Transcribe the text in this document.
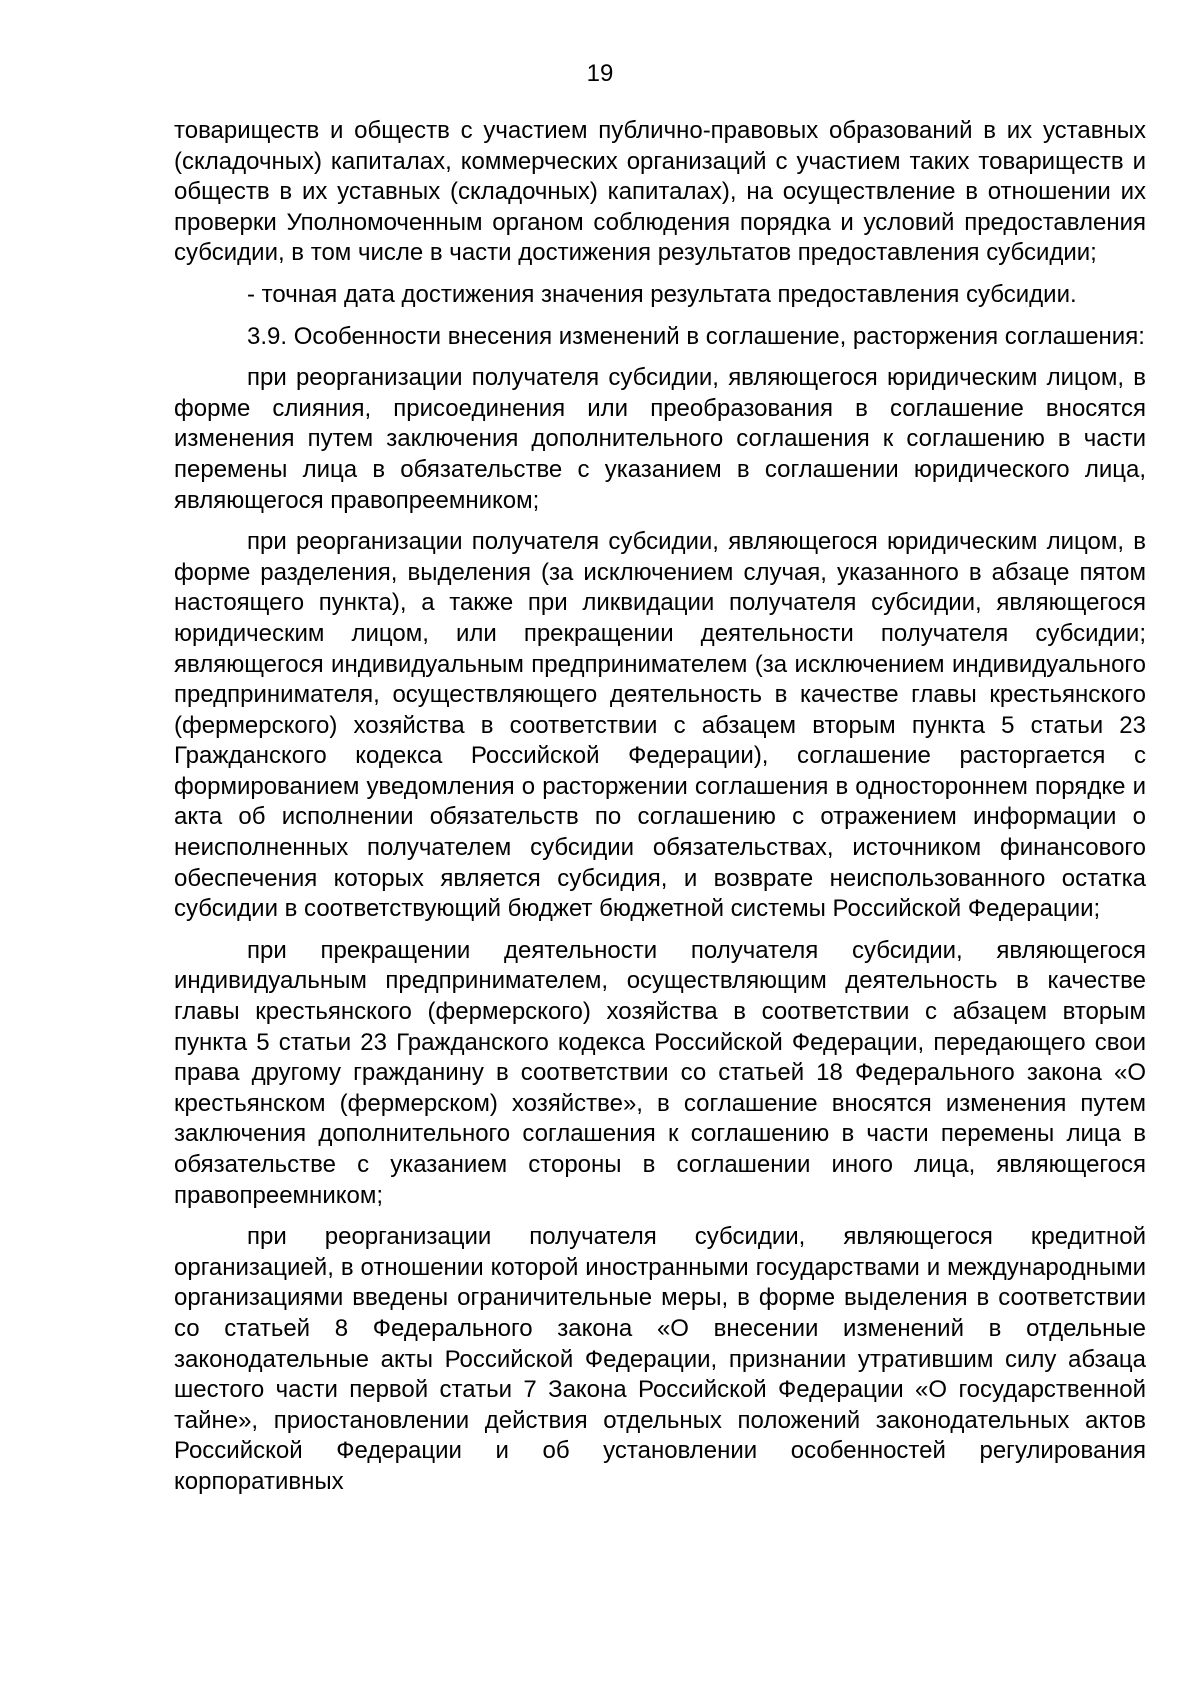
19

товариществ и обществ с участием публично-правовых образований в их уставных (складочных) капиталах, коммерческих организаций с участием таких товариществ и обществ в их уставных (складочных) капиталах), на осуществление в отношении их проверки Уполномоченным органом соблюдения порядка и условий предоставления субсидии, в том числе в части достижения результатов предоставления субсидии;

- точная дата достижения значения результата предоставления субсидии.

3.9. Особенности внесения изменений в соглашение, расторжения соглашения:

при реорганизации получателя субсидии, являющегося юридическим лицом, в форме слияния, присоединения или преобразования в соглашение вносятся изменения путем заключения дополнительного соглашения к соглашению в части перемены лица в обязательстве с указанием в соглашении юридического лица, являющегося правопреемником;

при реорганизации получателя субсидии, являющегося юридическим лицом, в форме разделения, выделения (за исключением случая, указанного в абзаце пятом настоящего пункта), а также при ликвидации получателя субсидии, являющегося юридическим лицом, или прекращении деятельности получателя субсидии; являющегося индивидуальным предпринимателем (за исключением индивидуального предпринимателя, осуществляющего деятельность в качестве главы крестьянского (фермерского) хозяйства в соответствии с абзацем вторым пункта 5 статьи 23 Гражданского кодекса Российской Федерации), соглашение расторгается с формированием уведомления о расторжении соглашения в одностороннем порядке и акта об исполнении обязательств по соглашению с отражением информации о неисполненных получателем субсидии обязательствах, источником финансового обеспечения которых является субсидия, и возврате неиспользованного остатка субсидии в соответствующий бюджет бюджетной системы Российской Федерации;

при прекращении деятельности получателя субсидии, являющегося индивидуальным предпринимателем, осуществляющим деятельность в качестве главы крестьянского (фермерского) хозяйства в соответствии с абзацем вторым пункта 5 статьи 23 Гражданского кодекса Российской Федерации, передающего свои права другому гражданину в соответствии со статьей 18 Федерального закона «О крестьянском (фермерском) хозяйстве», в соглашение вносятся изменения путем заключения дополнительного соглашения к соглашению в части перемены лица в обязательстве с указанием стороны в соглашении иного лица, являющегося правопреемником;

при реорганизации получателя субсидии, являющегося кредитной организацией, в отношении которой иностранными государствами и международными организациями введены ограничительные меры, в форме выделения в соответствии со статьей 8 Федерального закона «О внесении изменений в отдельные законодательные акты Российской Федерации, признании утратившим силу абзаца шестого части первой статьи 7 Закона Российской Федерации «О государственной тайне», приостановлении действия отдельных положений законодательных актов Российской Федерации и об установлении особенностей регулирования корпоративных
